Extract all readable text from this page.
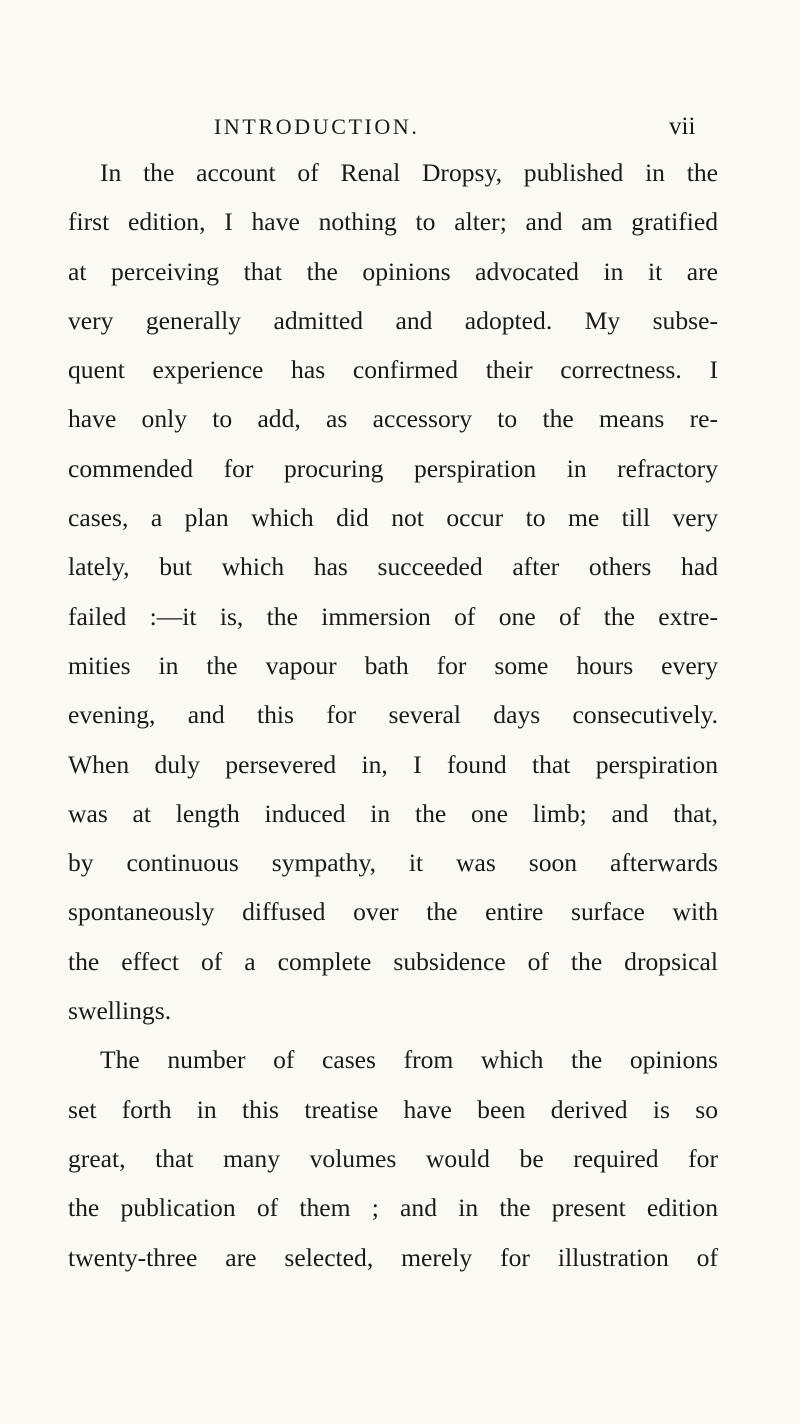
INTRODUCTION.	vii
In the account of Renal Dropsy, published in the
first edition, I have nothing to alter; and am gratified
at perceiving that the opinions advocated in it are
very generally admitted and adopted. My subse-
quent experience has confirmed their correctness. I
have only to add, as accessory to the means re-
commended for procuring perspiration in refractory
cases, a plan which did not occur to me till very
lately, but which has succeeded after others had
failed :—it is, the immersion of one of the extre-
mities in the vapour bath for some hours every
evening, and this for several days consecutively.
When duly persevered in, I found that perspiration
was at length induced in the one limb; and that,
by continuous sympathy, it was soon afterwards
spontaneously diffused over the entire surface with
the effect of a complete subsidence of the dropsical
swellings.
The number of cases from which the opinions
set forth in this treatise have been derived is so
great, that many volumes would be required for
the publication of them ; and in the present edition
twenty-three are selected, merely for illustration of
